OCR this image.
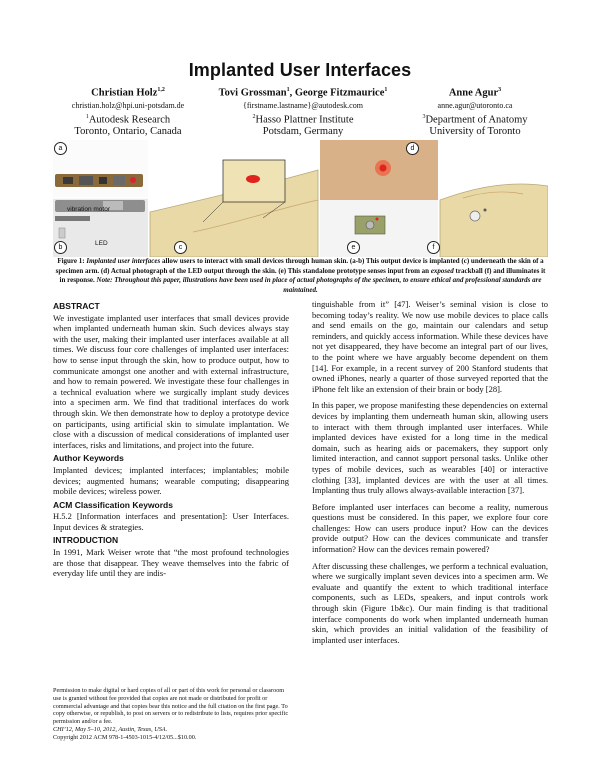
Implanted User Interfaces
Christian Holz$^{1,2}$
christian.holz@hpi.uni-potsdam.de
$^1$Autodesk Research
Toronto, Ontario, Canada
Tovi Grossman$^1$, George Fitzmaurice$^1$
{firstname.lastname}@autodesk.com
$^2$Hasso Plattner Institute
Potsdam, Germany
Anne Agur$^3$
anne.agur@utoronto.ca
$^3$Department of Anatomy
University of Toronto
a
b	c
d
e	f
vibration motor
LED
Figure 1: Implanted user interfaces allow users to interact with small devices through human skin. (a-b) This output device is implanted (c) underneath the skin of a specimen arm. (d) Actual photograph of the LED output through the skin. (e) This standalone prototype senses input from an exposed trackball (f) and illuminates it in response. Note: Throughout this paper, illustrations have been used in place of actual photographs of the specimen, to ensure ethical and professional standards are maintained.
ABSTRACT

We investigate implanted user interfaces that small devices provide when implanted underneath human skin. Such devices always stay with the user, making their implanted user interfaces available at all times. We discuss four core challenges of implanted user interfaces: how to sense input through the skin, how to produce output, how to communicate amongst one another and with external infrastructure, and how to remain powered. We investigate these four challenges in a technical evaluation where we surgically implant study devices into a specimen arm. We find that traditional interfaces do work through skin. We then demonstrate how to deploy a prototype device on participants, using artificial skin to simulate implantation. We close with a discussion of medical considerations of implanted user interfaces, risks and limitations, and project into the future.

Author Keywords

Implanted devices; implanted interfaces; implantables; mobile devices; augmented humans; wearable computing; disappearing mobile devices; wireless power.

ACM Classification Keywords

H.5.2 [Information interfaces and presentation]: User Interfaces. Input devices & strategies.

INTRODUCTION

In 1991, Mark Weiser wrote that “the most profound technologies are those that disappear. They weave themselves into the fabric of everyday life until they are indis-

Permission to make digital or hard copies of all or part of this work for personal or classroom use is granted without fee provided that copies are not made or distributed for profit or commercial advantage and that copies bear this notice and the full citation on the first page. To copy otherwise, or republish, to post on servers or to redistribute to lists, requires prior specific permission and/or a fee.

CHI’12, May 5–10, 2012, Austin, Texas, USA.

Copyright 2012 ACM 978-1-4503-1015-4/12/05...$10.00.

tinguishable from it” [47]. Weiser’s seminal vision is close to becoming today’s reality. We now use mobile devices to place calls and send emails on the go, maintain our calendars and setup reminders, and quickly access information. While these devices have not yet disappeared, they have become an integral part of our lives, to the point where we have arguably become dependent on them [14]. For example, in a recent survey of 200 Stanford students that owned iPhones, nearly a quarter of those surveyed reported that the iPhone felt like an extension of their brain or body [28].

In this paper, we propose manifesting these dependencies on external devices by implanting them underneath human skin, allowing users to interact with them through implanted user interfaces. While implanted devices have existed for a long time in the medical domain, such as hearing aids or pacemakers, they support only limited interaction, and cannot support personal tasks. Unlike other types of mobile devices, such as wearables [40] or interactive clothing [33], implanted devices are with the user at all times. Implanting thus truly allows always-available interaction [37].

Before implanted user interfaces can become a reality, numerous questions must be considered. In this paper, we explore four core challenges: How can users produce input? How can the devices provide output? How can the devices communicate and transfer information? How can the devices remain powered?

After discussing these challenges, we perform a technical evaluation, where we surgically implant seven devices into a specimen arm. We evaluate and quantify the extent to which traditional interface components, such as LEDs, speakers, and input controls work through skin (Figure 1b&c). Our main finding is that traditional interface components do work when implanted underneath human skin, which provides an initial validation of the feasibility of implanted user interfaces.
